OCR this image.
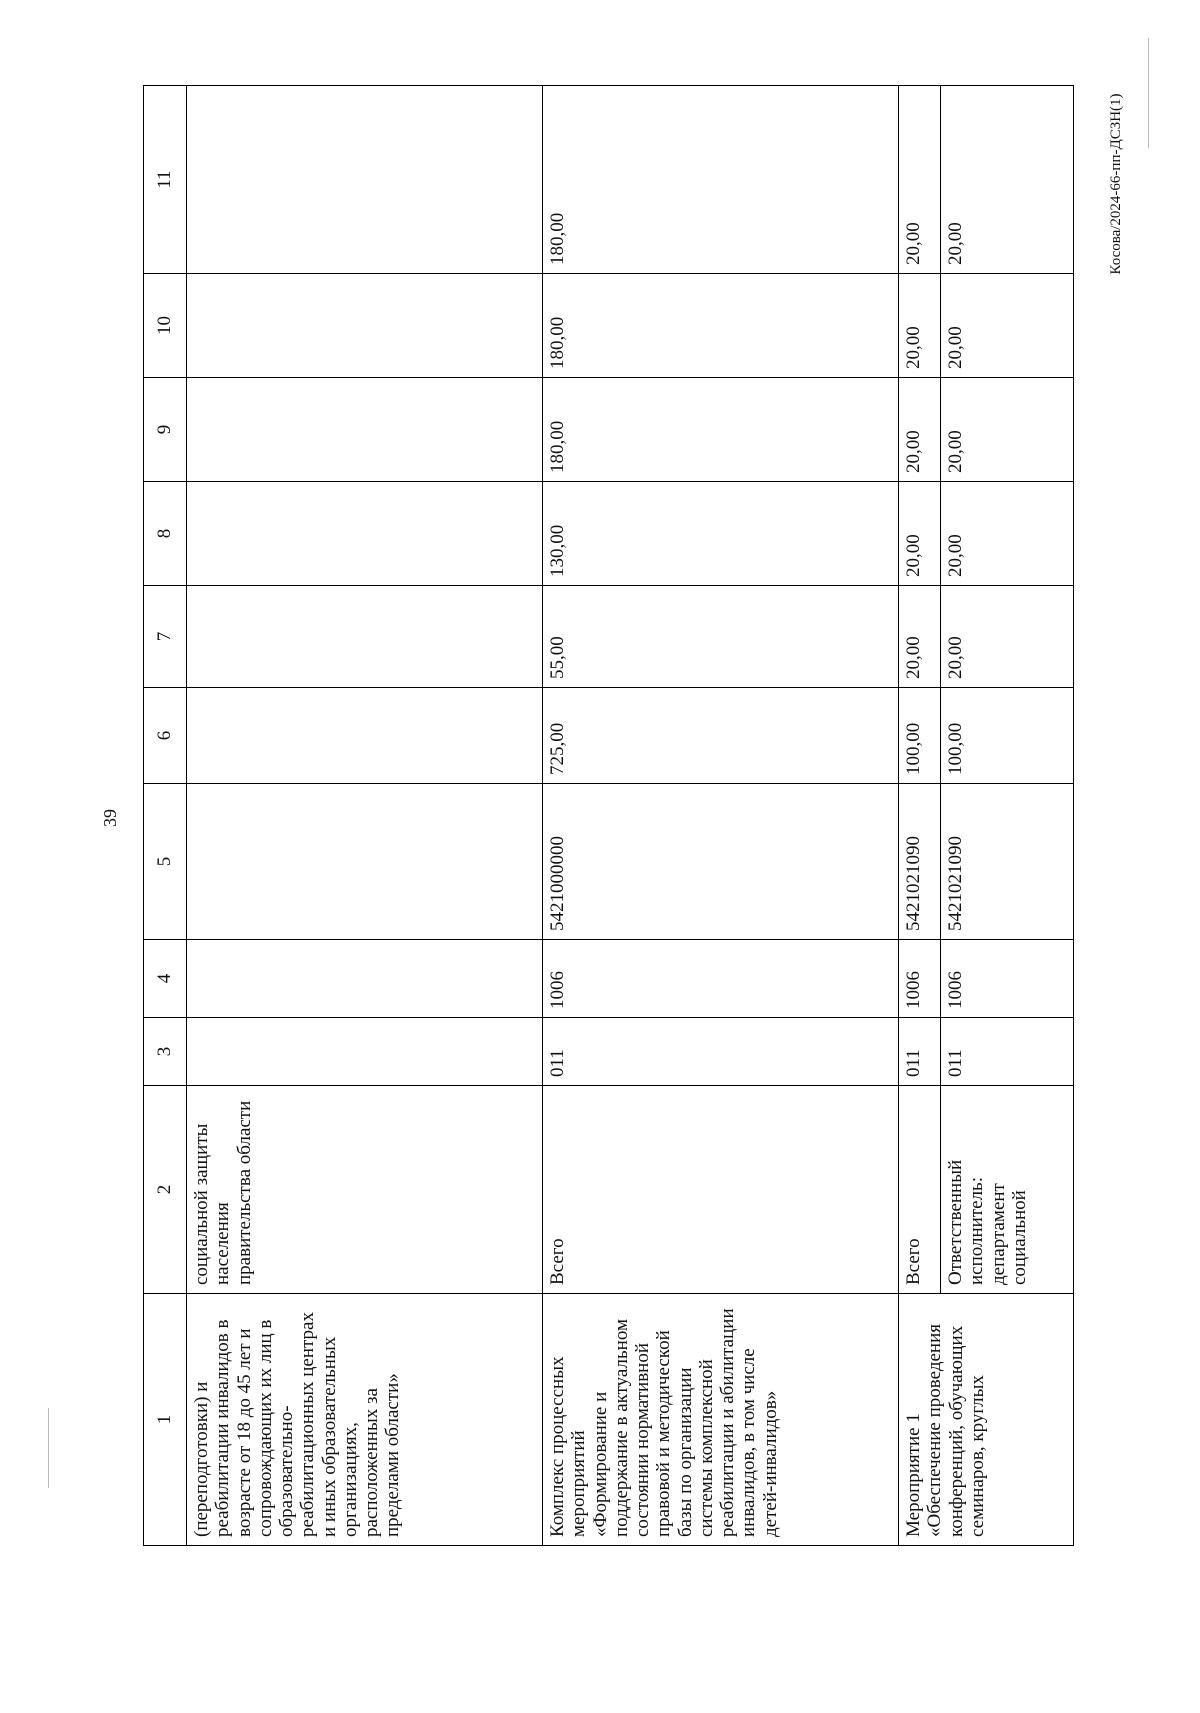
39
Косова/2024-66-пп-ДСЗН(1)
1	2	3	4	5	6	7	8	9	10	11
(переподготовки) и реабилитации инвалидов в возрасте от 18 до 45 лет и сопровождающих их лиц в образовательно-реабилитационных центрах и иных образовательных организациях, расположенных за пределами области»	социальной защиты населения правительства области									
Комплекс процессных мероприятий «Формирование и поддержание в актуальном состоянии нормативной правовой и методической базы по организации системы комплексной реабилитации и абилитации инвалидов, в том числе детей-инвалидов»	Всего	011	1006	5421000000	725,00	55,00	130,00	180,00	180,00	180,00
Мероприятие 1 «Обеспечение проведения конференций, обучающих семинаров, круглых	Всего	011	1006	5421021090	100,00	20,00	20,00	20,00	20,00	20,00
	Ответственный исполнитель: департамент социальной	011	1006	5421021090	100,00	20,00	20,00	20,00	20,00	20,00
